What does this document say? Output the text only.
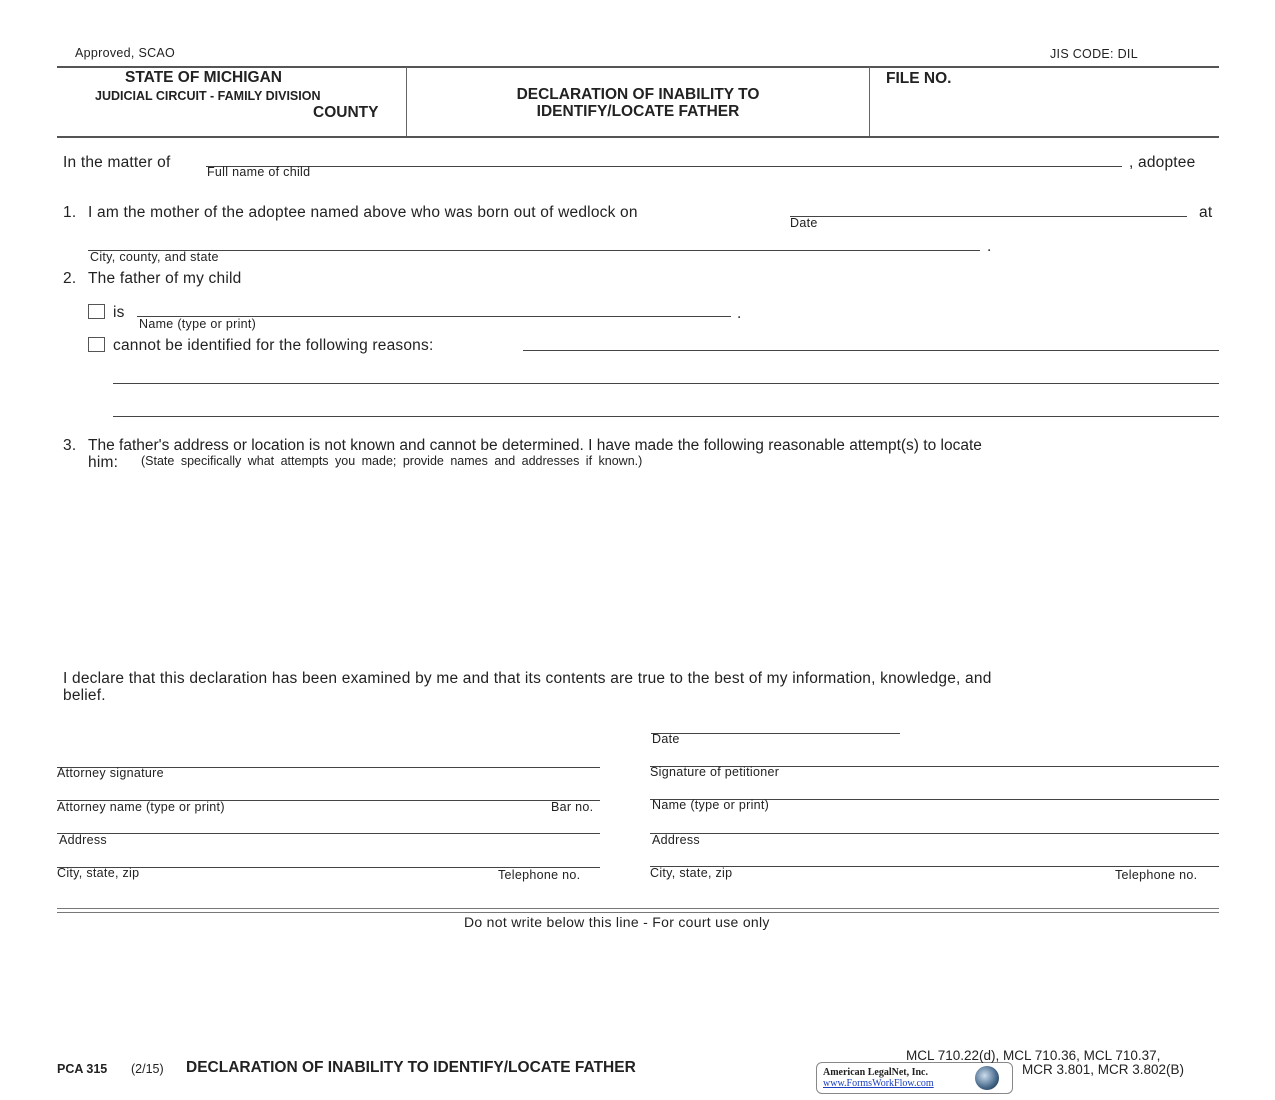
Approved, SCAO	JIS CODE: DIL
STATE OF MICHIGAN
JUDICIAL CIRCUIT - FAMILY DIVISION
COUNTY
DECLARATION OF INABILITY TO
IDENTIFY/LOCATE FATHER
FILE NO.
In the matter of
Full name of child
, adoptee
1. I am the mother of the adoptee named above who was born out of wedlock on
Date
at
City, county, and state
.
2. The father of my child
is
Name (type or print)
.
cannot be identified for the following reasons:
3. The father's address or location is not known and cannot be determined. I have made the following reasonable attempt(s) to locate
him: (State specifically what attempts you made; provide names and addresses if known.)
I declare that this declaration has been examined by me and that its contents are true to the best of my information, knowledge, and
belief.
Date
Attorney signature	Signature of petitioner
Attorney name (type or print)	Bar no.	Name (type or print)
Address	Address
City, state, zip	Telephone no.	City, state, zip	Telephone no.
Do not write below this line - For court use only
PCA 315 (2/15) DECLARATION OF INABILITY TO IDENTIFY/LOCATE FATHER	American LegalNet, Inc.
www.FormsWorkFlow.com
MCL 710.22(d), MCL 710.36, MCL 710.37,
MCR 3.801, MCR 3.802(B)
